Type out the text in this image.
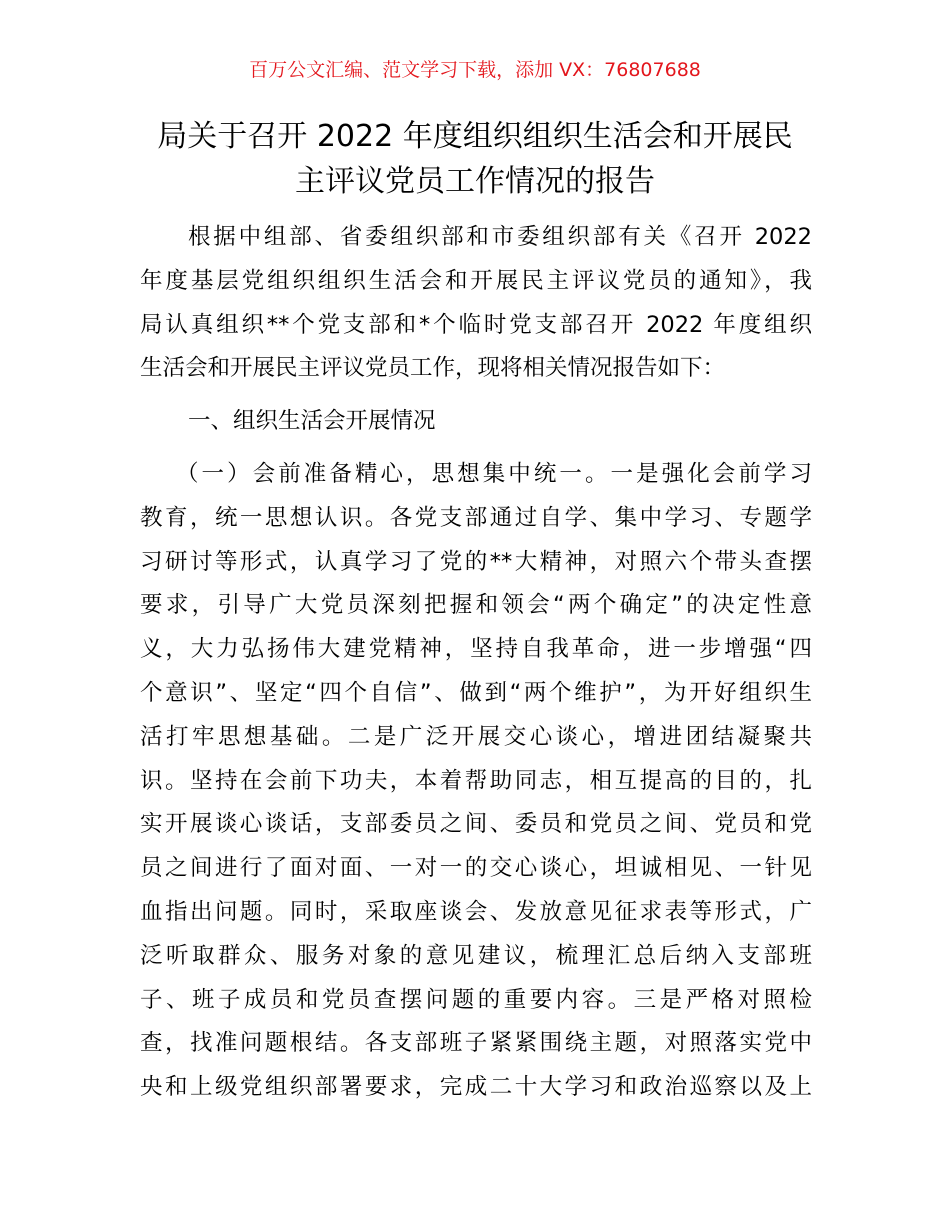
百万公文汇编、范文学习下载，添加 VX：76807688
局关于召开 2022 年度组织组织生活会和开展民
主评议党员工作情况的报告
根据中组部、省委组织部和市委组织部有关《召开 2022
年度基层党组织组织生活会和开展民主评议党员的通知》，我
局认真组织**个党支部和*个临时党支部召开 2022 年度组织
生活会和开展民主评议党员工作，现将相关情况报告如下：
一、组织生活会开展情况
（一）会前准备精心，思想集中统一。一是强化会前学习
教育，统一思想认识。各党支部通过自学、集中学习、专题学
习研讨等形式，认真学习了党的**大精神，对照六个带头查摆
要求，引导广大党员深刻把握和领会“两个确定”的决定性意
义，大力弘扬伟大建党精神，坚持自我革命，进一步增强“四
个意识”、坚定“四个自信”、做到“两个维护”，为开好组织生
活打牢思想基础。二是广泛开展交心谈心，增进团结凝聚共
识。坚持在会前下功夫，本着帮助同志，相互提高的目的，扎
实开展谈心谈话，支部委员之间、委员和党员之间、党员和党
员之间进行了面对面、一对一的交心谈心，坦诚相见、一针见
血指出问题。同时，采取座谈会、发放意见征求表等形式，广
泛听取群众、服务对象的意见建议，梳理汇总后纳入支部班
子、班子成员和党员查摆问题的重要内容。三是严格对照检
查，找准问题根结。各支部班子紧紧围绕主题，对照落实党中
央和上级党组织部署要求，完成二十大学习和政治巡察以及上
